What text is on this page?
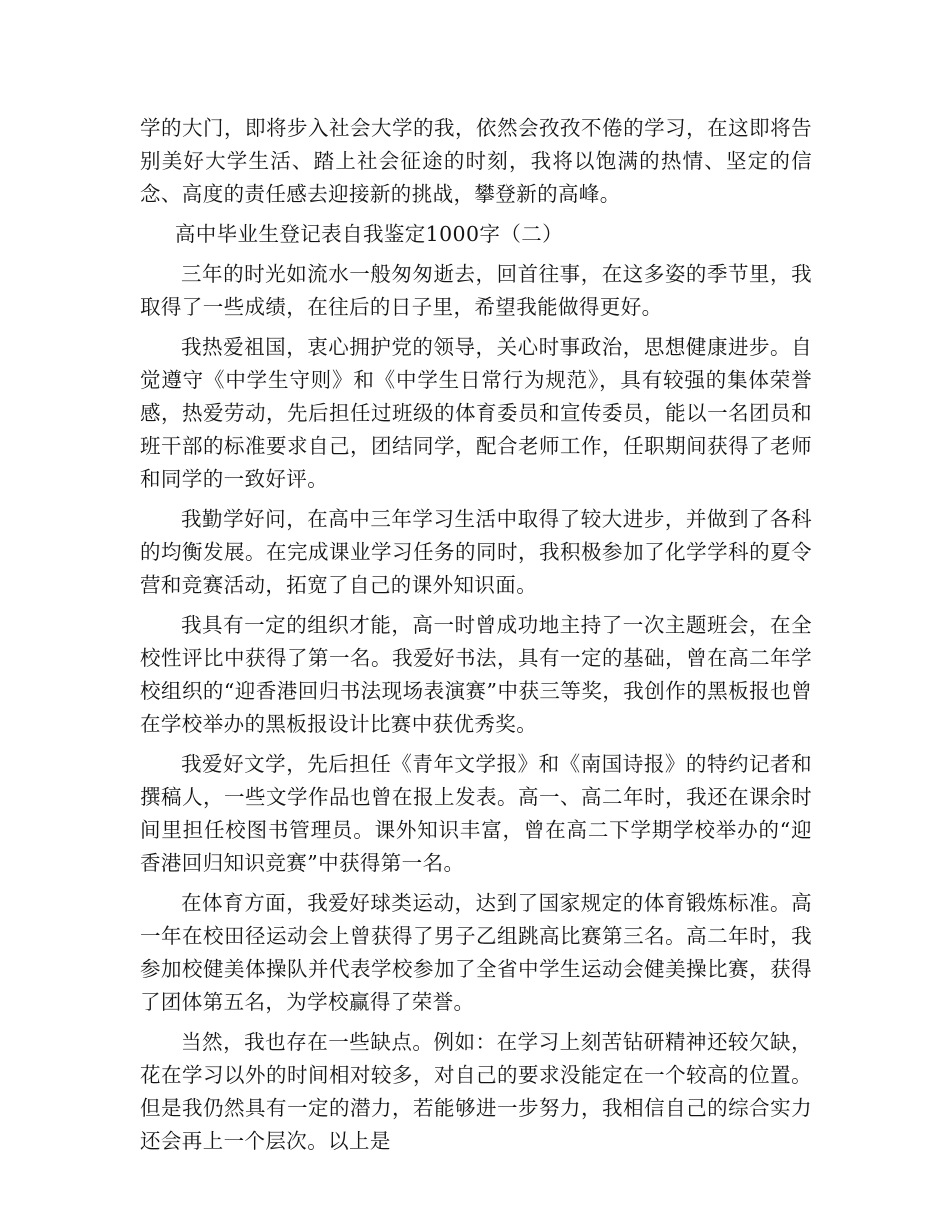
学的大门，即将步入社会大学的我，依然会孜孜不倦的学习，在这即将告别美好大学生活、踏上社会征途的时刻，我将以饱满的热情、坚定的信念、高度的责任感去迎接新的挑战，攀登新的高峰。

高中毕业生登记表自我鉴定1000字（二）

三年的时光如流水一般匆匆逝去，回首往事，在这多姿的季节里，我取得了一些成绩，在往后的日子里，希望我能做得更好。

我热爱祖国，衷心拥护党的领导，关心时事政治，思想健康进步。自觉遵守《中学生守则》和《中学生日常行为规范》，具有较强的集体荣誉感，热爱劳动，先后担任过班级的体育委员和宣传委员，能以一名团员和班干部的标准要求自己，团结同学，配合老师工作，任职期间获得了老师和同学的一致好评。

我勤学好问，在高中三年学习生活中取得了较大进步，并做到了各科的均衡发展。在完成课业学习任务的同时，我积极参加了化学学科的夏令营和竞赛活动，拓宽了自己的课外知识面。

我具有一定的组织才能，高一时曾成功地主持了一次主题班会，在全校性评比中获得了第一名。我爱好书法，具有一定的基础，曾在高二年学校组织的“迎香港回归书法现场表演赛”中获三等奖，我创作的黑板报也曾在学校举办的黑板报设计比赛中获优秀奖。

我爱好文学，先后担任《青年文学报》和《南国诗报》的特约记者和撰稿人，一些文学作品也曾在报上发表。高一、高二年时，我还在课余时间里担任校图书管理员。课外知识丰富，曾在高二下学期学校举办的“迎香港回归知识竞赛”中获得第一名。

在体育方面，我爱好球类运动，达到了国家规定的体育锻炼标准。高一年在校田径运动会上曾获得了男子乙组跳高比赛第三名。高二年时，我参加校健美体操队并代表学校参加了全省中学生运动会健美操比赛，获得了团体第五名，为学校赢得了荣誉。

当然，我也存在一些缺点。例如：在学习上刻苦钻研精神还较欠缺，花在学习以外的时间相对较多，对自己的要求没能定在一个较高的位置。但是我仍然具有一定的潜力，若能够进一步努力，我相信自己的综合实力还会再上一个层次。以上是
